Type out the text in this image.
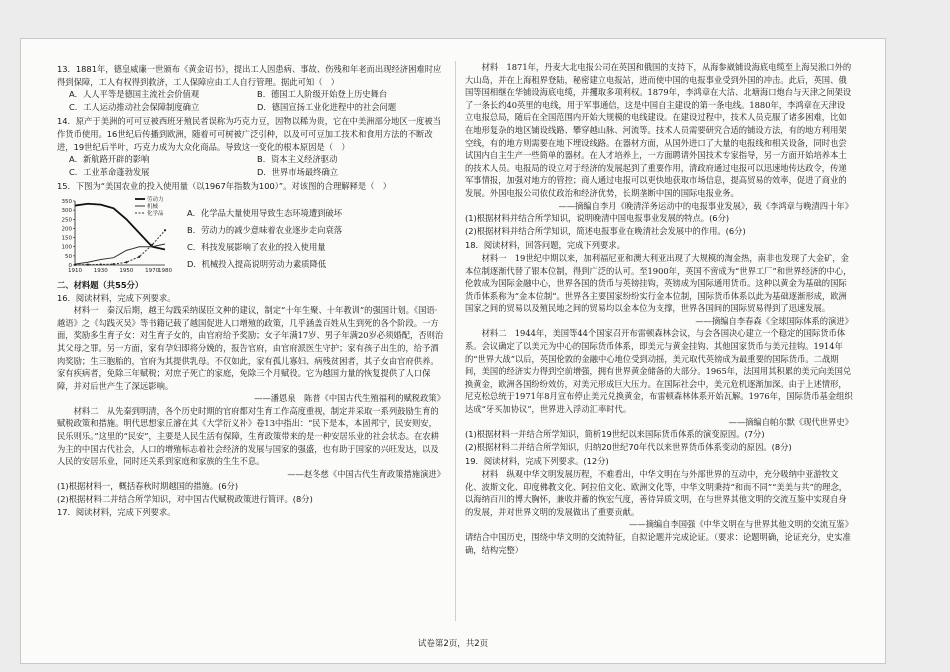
13．1881年，德皇威廉一世颁布《黄金诏书》，提出工人因患病、事故、伤残和年老而出现经济困难时应得到保障，工人有权得到救济，工人保障应由工人自行管理。据此可知（　）

A．人人平等是德国主流社会价值观	B．德国工人阶级开始登上历史舞台
C．工人运动推动社会保障制度确立	D．德国宣扬工业化进程中的社会问题

14．原产于美洲的可可豆被西班牙殖民者误称为巧克力豆，因物以稀为贵，它在中美洲部分地区一度被当作货币使用。16世纪后传播到欧洲，随着可可树被广泛引种，以及可可豆加工技术和食用方法的不断改进，19世纪后半叶，巧克力成为大众化商品。导致这一变化的根本原因是（　）

A．新航路开辟的影响	B．资本主义经济驱动
C．工业革命蓬勃发展	D．世界市场最终确立

15．下图为“美国农业的投入使用量（以1967年指数为100）”。对该图的合理解释是（　）

0
50
100
150
200
250
300
350
1910 1930 1950 1970
1980
劳动力
机械
化学品	A．化学品大量使用导致生态环境遭到破坏

B．劳动力的减少意味着农业逐步走向衰落

C．科技发展影响了农业的投入使用量

D．机械投入提高说明劳动力素质降低

二、材料题（共55分）

16．阅读材料，完成下列要求。

材料一　秦汉后期，越王勾践采纳谋臣文种的建议，制定“十年生聚、十年教训”的强国计划。《国语·越语》之《勾践灭吴》等书籍记载了越国促进人口增殖的政策，几乎涵盖百姓从生到死的各个阶段。一方面，奖励多生育子女：对生育子女的，由官府给予奖励；女子年满17岁、男子年满20岁必须婚配，否则治其父母之罪。另一方面，家有孕妇即将分娩的，报告官府，由官府派医生守护；家有孩子出生的，给予酒肉奖励；生三胞胎的，官府为其提供乳母。不仅如此，家有孤儿寡妇、病残贫困者，其子女由官府供养。家有疾病者，免除三年赋税；对庶子死亡的家庭，免除三个月赋役。它为越国力量的恢复提供了人口保障，并对后世产生了深远影响。

——潘恩泉　陈普《中国古代生殖福利的赋税政策》

材料二　从先秦到明清，各个历史时期的官府都对生育工作高度重视，制定并采取一系列鼓励生育的赋税政策和措施。明代思想家丘濬在其《大学衍义补》卷13中指出：“民下是本，本固邦宁，民安则安，民乐则乐。”这里的“民安”，主要是人民生活有保障，生育政策带来的是一种安居乐业的社会状态。在农耕为主的中国古代社会，人口的增殖标志着社会经济的发展与国家的强盛，也有助于国家的兴旺发达，以及人民的安居乐业，同时还关系到家庭和家族的生生不息。

——赵冬慈《中国古代生育政策措施演进》

(1)根据材料一，概括春秋时期越国的措施。(6分)

(2)根据材料二并结合所学知识，对中国古代赋税政策进行简评。(8分)

17．阅读材料，完成下列要求。

材料　1871年，丹麦大北电报公司在英国和俄国的支持下，从海参崴铺设海底电缆至上海吴淞口外的大山岛，并在上海租界登陆，秘密建立电报站，进而使中国的电报事业受到外国的冲击。此后，英国、俄国等国相继在华铺设海底电缆，并攫取多项利权。1879年，李鸿章在大沽、北塘海口炮台与天津之间架设了一条长约40英里的电线，用于军事通信，这是中国自主建设的第一条电线。1880年，李鸿章在天津设立电报总局，随后在全国范围内开始大规模的电线建设。在建设过程中，技术人员克服了诸多困难，比如在地形复杂的地区铺设线路、攀穿越山脉、河流等。技术人员需要研究合适的铺设方法，有的地方利用架空线，有的地方则需要在地下埋设线路。在器材方面，从国外进口了大量的电报线和相关设备，同时也尝试国内自主生产一些简单的器材。在人才培养上，一方面聘请外国技术专家指导，另一方面开始培养本土的技术人员。电报局的设立对于经济的发展起到了重要作用，清政府通过电报可以迅速地传达政令，传递军事情报，加强对地方的管控；商人通过电报可以更快地获取市场信息，提高贸易的效率，促进了商业的发展。外国电报公司依仗政治和经济优势，长期垄断中国的国际电报业务。

——摘编自李月《晚清洋务运动中的电报事业发展》，载《李鸿章与晚清四十年》

(1)根据材料并结合所学知识，说明晚清中国电报事业发展的特点。(6分)

(2)根据材料并结合所学知识，简述电报事业在晚清社会发展中的作用。(6分)

18．阅读材料，回答问题，完成下列要求。

材料一　19世纪中期以来，加利福尼亚和澳大利亚出现了大规模的淘金热，南非也发现了大金矿，金本位制逐渐代替了银本位制，得到广泛的认可。至1900年，英国不啻成为“世界工厂”和世界经济的中心，伦敦成为国际金融中心，世界各国的货币与英镑挂钩，英镑成为国际通用货币。这种以黄金为基础的国际货币体系称为“金本位制”。世界各主要国家纷纷实行金本位制，国际货币体系以此为基础逐渐形成，欧洲国家之间的贸易以及殖民地之间的贸易均以金本位为支撑，世界各国间的国际贸易得到了迅速发展。

——摘编自李春森《全球国际体系的演进》

材料二　1944年，美国等44个国家召开布雷顿森林会议，与会各国决心建立一个稳定的国际货币体系。会议确定了以美元为中心的国际货币体系，即美元与黄金挂钩、其他国家货币与美元挂钩。1914年的“世界大战”以后，英国伦敦的金融中心地位受到动摇，美元取代英镑成为最重要的国际货币。二战期间，美国的经济实力得到空前增强，拥有世界黄金储备的大部分。1965年，法国用其积累的美元向美国兑换黄金，欧洲各国纷纷效仿，对美元形成巨大压力。在国际社会中，美元危机逐渐加深。由于上述情形，尼克松总统于1971年8月宣布停止美元兑换黄金，布雷顿森林体系开始瓦解。1976年，国际货币基金组织达成“牙买加协议”，世界进入浮动汇率时代。

——摘编自帕尔默《现代世界史》

(1)根据材料一并结合所学知识，简析19世纪以来国际货币体系的演变原因。(7分)

(2)根据材料二并结合所学知识，归纳20世纪70年代以来世界货币体系变动的原因。(8分)

19．阅读材料，完成下列要求。(12分)

材料　纵观中华文明发展历程，不难看出，中华文明在与外部世界的互动中，充分吸纳中亚游牧文化、波斯文化、印度佛教文化、阿拉伯文化、欧洲文化等，中华文明秉持“和而不同”“美美与共”的理念，以海纳百川的博大胸怀，兼收并蓄的恢宏气度，善待异质文明，在与世界其他文明的交流互鉴中实现自身的发展，并对世界文明的发展做出了重要贡献。

——摘编自李国强《中华文明在与世界其他文明的交流互鉴》

请结合中国历史，围绕中华文明的交流特征，自拟论题并完成论证。（要求：论题明确，论证充分，史实准确，结构完整）

试卷第2页，共2页
